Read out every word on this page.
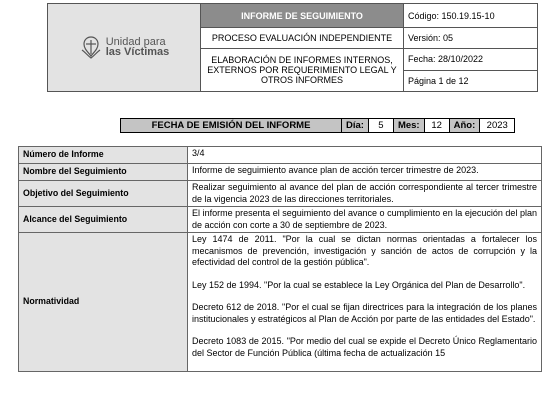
Unidad para
las Víctimas	INFORME DE SEGUIMIENTO	Código: 150.19.15-10
	PROCESO EVALUACIÓN INDEPENDIENTE	Versión: 05
	ELABORACIÓN DE INFORMES INTERNOS, EXTERNOS POR REQUERIMIENTO LEGAL Y OTROS INFORMES	Fecha: 28/10/2022
		Página 1 de 12
FECHA DE EMISIÓN DEL INFORME	Día:	5	Mes:	12	Año:	2023
Número de Informe	3/4
Nombre del Seguimiento	Informe de seguimiento avance plan de acción tercer trimestre de 2023.
Objetivo del Seguimiento	Realizar seguimiento al avance del plan de acción correspondiente al tercer trimestre de la vigencia 2023 de las direcciones territoriales.
Alcance del Seguimiento	El informe presenta el seguimiento del avance o cumplimiento en la ejecución del plan de acción con corte a 30 de septiembre de 2023.
Normatividad	Ley 1474 de 2011. "Por la cual se dictan normas orientadas a fortalecer los mecanismos de prevención, investigación y sanción de actos de corrupción y la efectividad del control de la gestión pública".

Ley 152 de 1994. "Por la cual se establece la Ley Orgánica del Plan de Desarrollo".

Decreto 612 de 2018. "Por el cual se fijan directrices para la integración de los planes institucionales y estratégicos al Plan de Acción por parte de las entidades del Estado".

Decreto 1083 de 2015. "Por medio del cual se expide el Decreto Único Reglamentario del Sector de Función Pública (última fecha de actualización 15
